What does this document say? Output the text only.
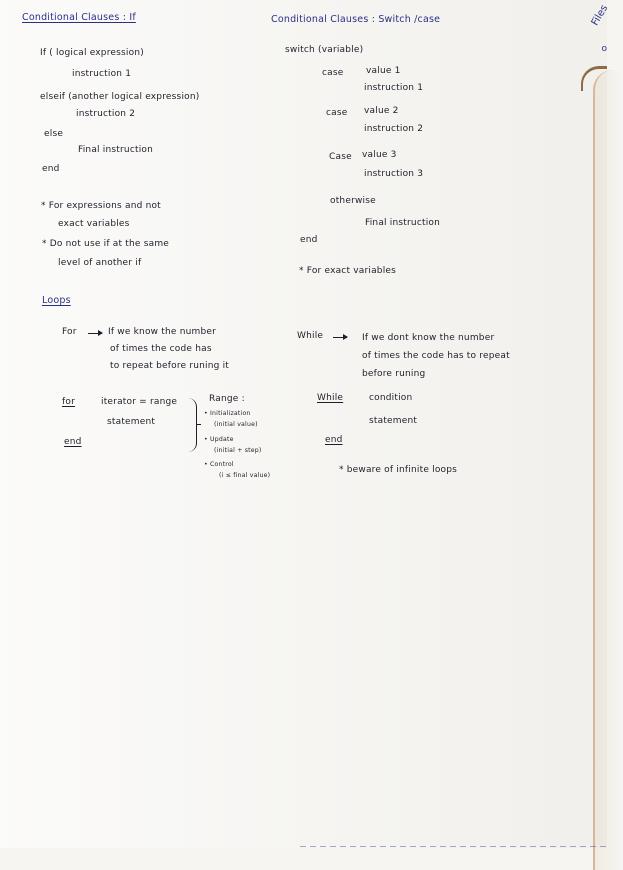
Files
o
Conditional Clauses : If	Conditional Clauses : Switch /case
If ( logical expression)
instruction 1
elseif (another logical expression)
instruction 2
else
Final instruction
end
* For expressions and not
exact variables
* Do not use if at the same
level of another if
switch (variable)
case	value 1
instruction 1
case value 2
instruction 2
Case value 3
instruction 3
otherwise
Final instruction
end
* For exact variables
Loops
For	If we know the number
of times the code has
to repeat before runing it
for	iterator = range
statement
end
Range :
• Initialization
(initial value)
• Update
(initial + step)
• Control
(i ≤ final value)
While	If we dont know the number
of times the code has to repeat
before runing
While	condition
statement
end
* beware of infinite loops
